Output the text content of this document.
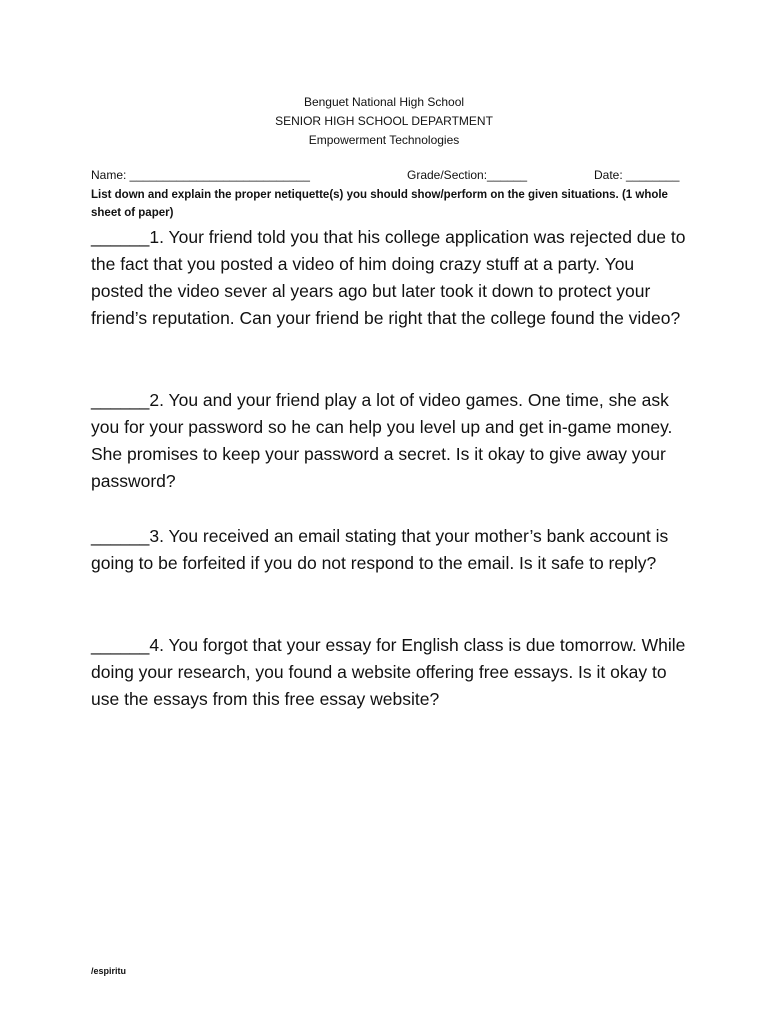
Benguet National High School
SENIOR HIGH SCHOOL DEPARTMENT
Empowerment Technologies
Name: ___________________________	Grade/Section:______	Date: ________
List down and explain the proper netiquette(s) you should show/perform on the given situations. (1 whole sheet of paper)
______1. Your friend told you that his college application was rejected due to the fact that you posted a video of him doing crazy stuff at a party. You posted the video sever al years ago but later took it down to protect your friend’s reputation. Can your friend be right that the college found the video?
______2. You and your friend play a lot of video games. One time, she ask you for your password so he can help you level up and get in-game money. She promises to keep your password a secret. Is it okay to give away your password?
______3. You received an email stating that your mother’s bank account is going to be forfeited if you do not respond to the email. Is it safe to reply?
______4. You forgot that your essay for English class is due tomorrow. While doing your research, you found a website offering free essays. Is it okay to use the essays from this free essay website?
/espiritu
